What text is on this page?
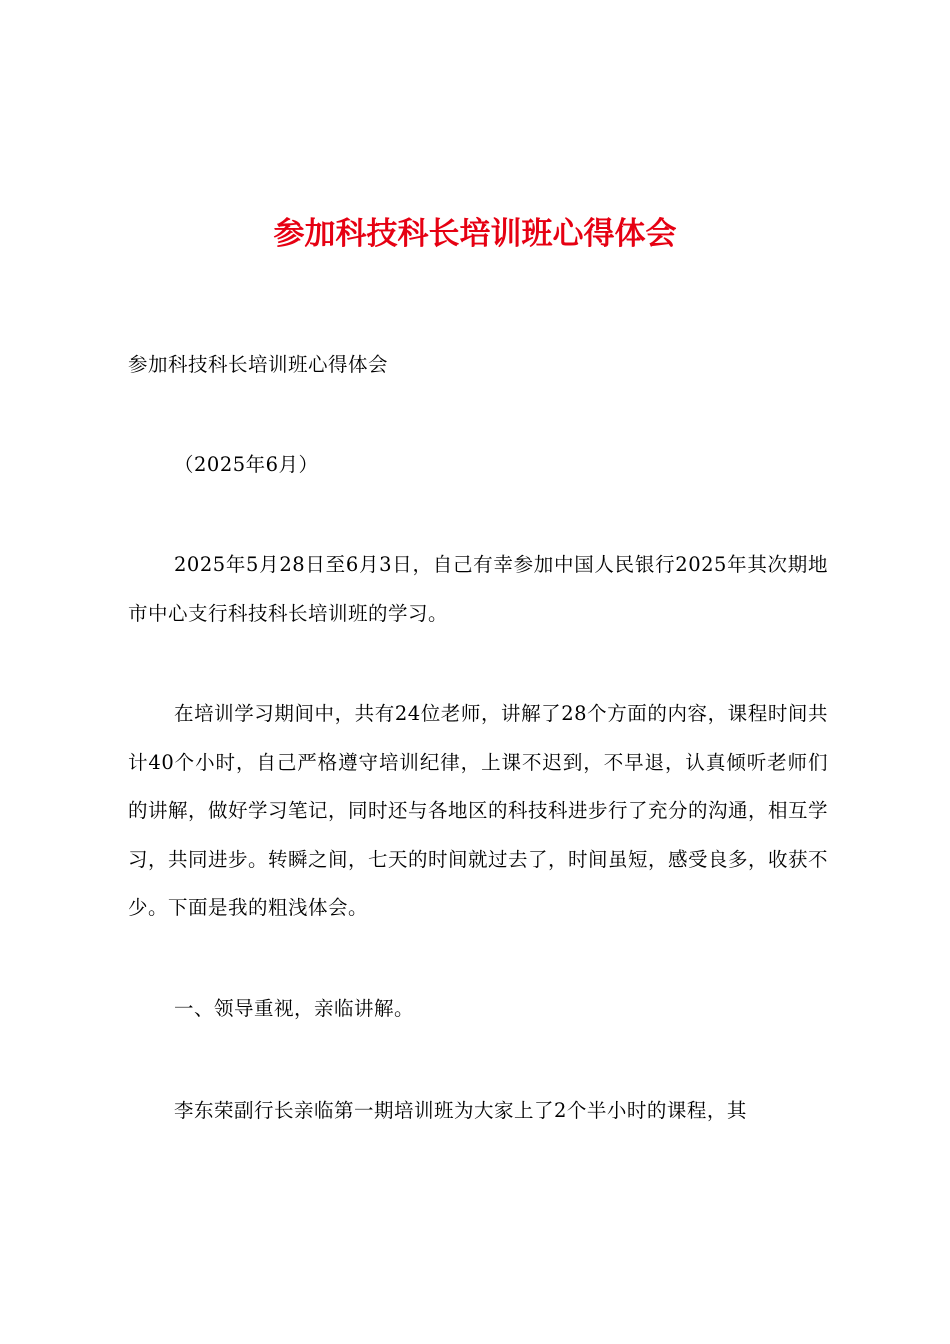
参加科技科长培训班心得体会

参加科技科长培训班心得体会

（2025年6月）

2025年5月28日至6月3日，自己有幸参加中国人民银行2025年其次期地市中心支行科技科长培训班的学习。

在培训学习期间中，共有24位老师，讲解了28个方面的内容，课程时间共计40个小时，自己严格遵守培训纪律，上课不迟到，不早退，认真倾听老师们的讲解，做好学习笔记，同时还与各地区的科技科进步行了充分的沟通，相互学习，共同进步。转瞬之间，七天的时间就过去了，时间虽短，感受良多，收获不少。下面是我的粗浅体会。

一、领导重视，亲临讲解。

李东荣副行长亲临第一期培训班为大家上了2个半小时的课程，其
